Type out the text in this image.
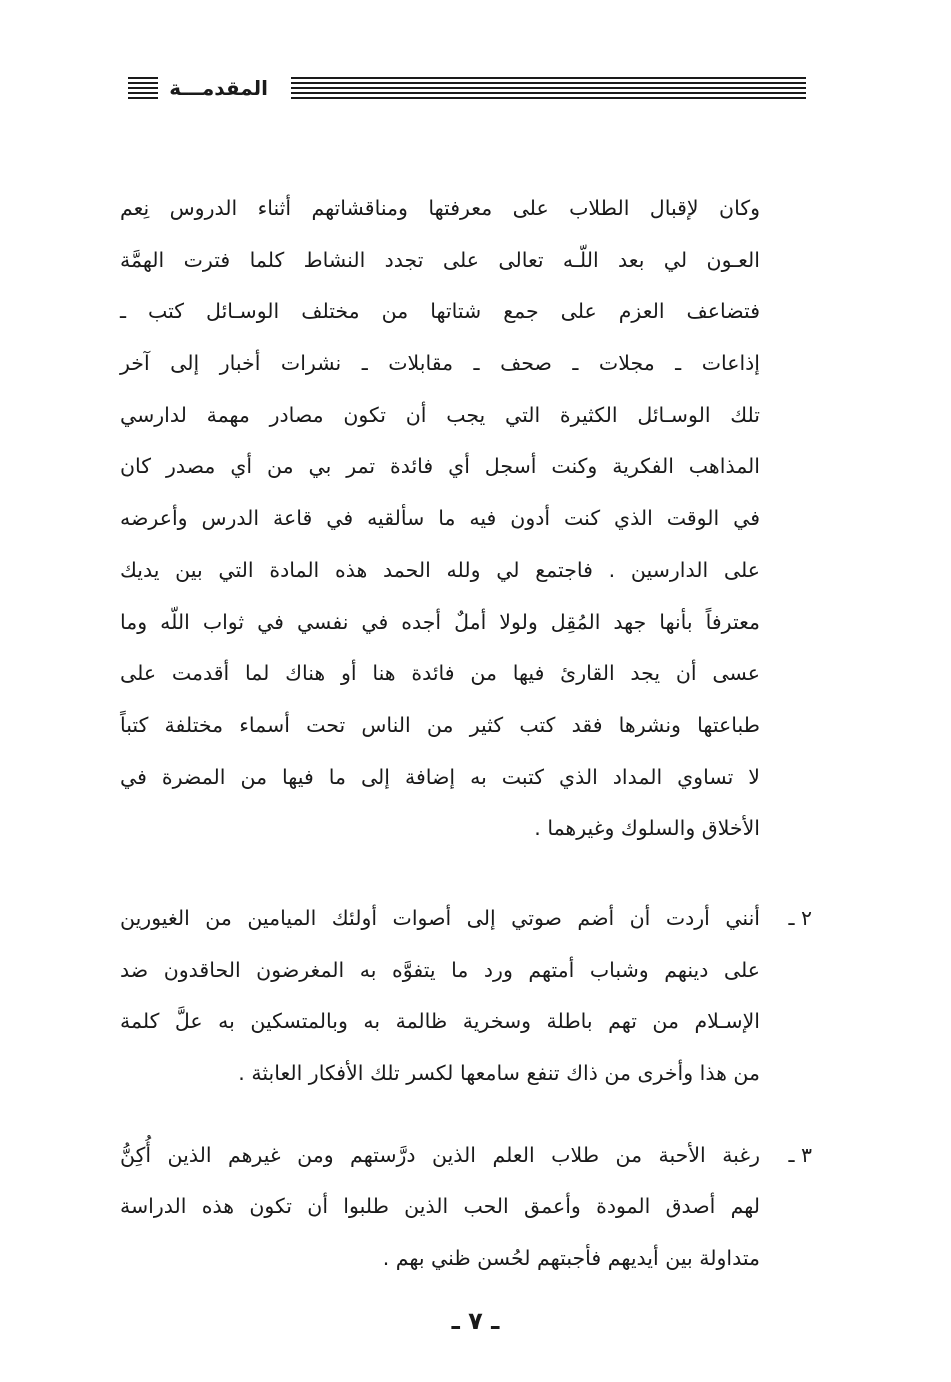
المقدمـــة

وكان لإقبال الطلاب على معرفتها ومناقشاتهم أثناء الدروس نِعم
العـون لي بعد اللّـه تعالى على تجدد النشاط كلما فترت الهمَّة
فتضاعف العزم على جمع شتاتها من مختلف الوسـائل كتب ـ
إذاعات ـ مجلات ـ صحف ـ مقابلات ـ نشرات أخبار إلى آخر
تلك الوسـائل الكثيرة التي يجب أن تكون مصادر مهمة لدارسي
المذاهب الفكرية وكنت أسجل أي فائدة تمر بي من أي مصدر كان
في الوقت الذي كنت أدون فيه ما سألقيه في قاعة الدرس وأعرضه
على الدارسين . فاجتمع لي ولله الحمد هذه المادة التي بين يديك
معترفاً بأنها جهد المُقِل ولولا أملٌ أجده في نفسي في ثواب اللّه وما
عسى أن يجد القارئ فيها من فائدة هنا أو هناك لما أقدمت على
طباعتها ونشرها فقد كتب كثير من الناس تحت أسماء مختلفة كتباً
لا تساوي المداد الذي كتبت به إضافة إلى ما فيها من المضرة في
الأخلاق والسلوك وغيرهما .

٢ ـ

أنني أردت أن أضم صوتي إلى أصوات أولئك الميامين من الغيورين
على دينهم وشباب أمتهم ورد ما يتفوَّه به المغرضون الحاقدون ضد
الإسـلام من تهم باطلة وسخرية ظالمة به وبالمتسكين به علَّ كلمة
من هذا وأخرى من ذاك تنفع سامعها لكسر تلك الأفكار العابثة .

٣ ـ

رغبة الأحبة من طلاب العلم الذين درَّستهم ومن غيرهم الذين أُكِنُّ
لهم أصدق المودة وأعمق الحب الذين طلبوا أن تكون هذه الدراسة
متداولة بين أيديهم فأجبتهم لحُسن ظني بهم .

ـ ٧ ـ
